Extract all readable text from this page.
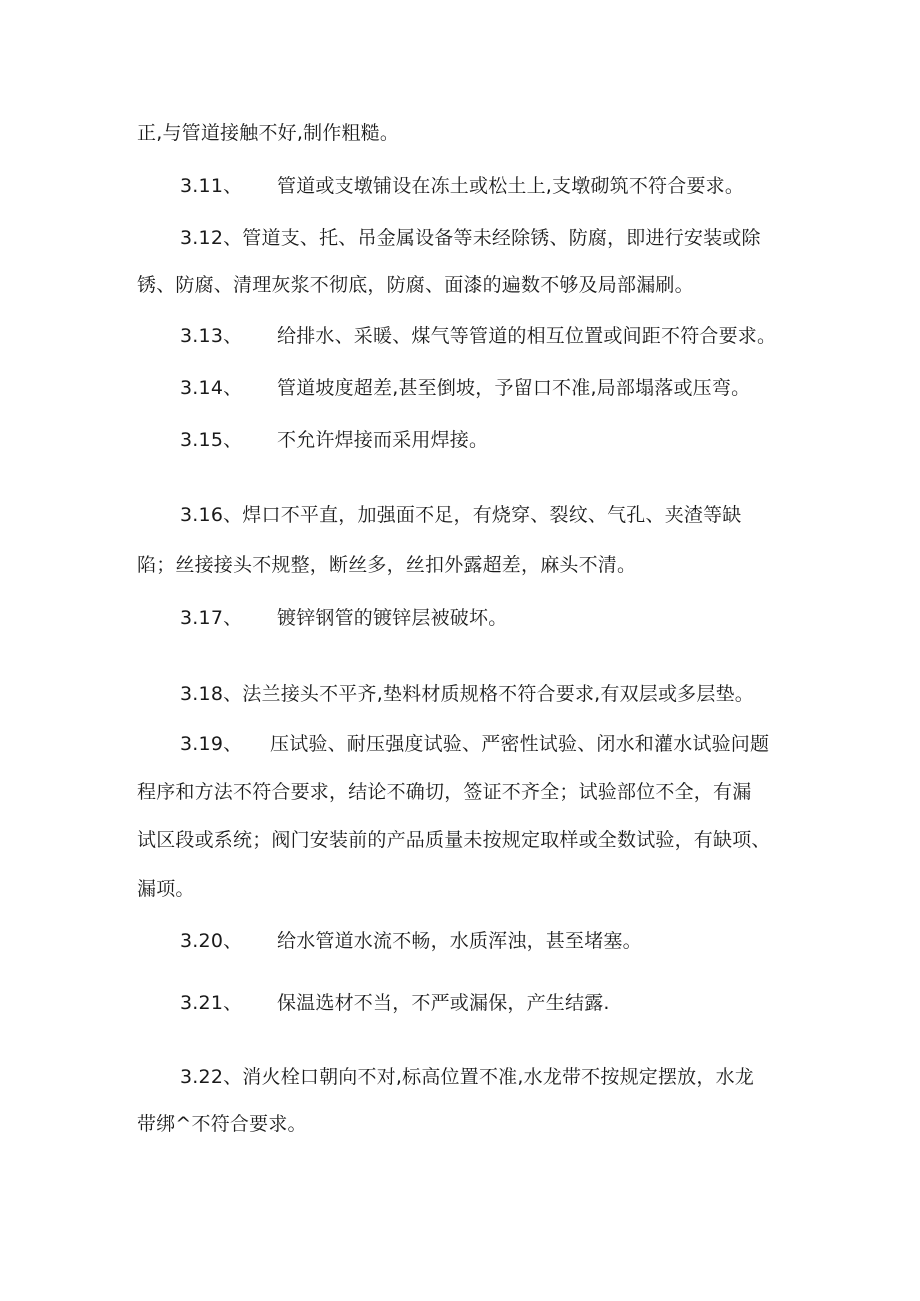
正,与管道接触不好,制作粗糙。
3.11、 管道或支墩铺设在冻土或松土上,支墩砌筑不符合要求。
3.12、管道支、托、吊金属设备等未经除锈、防腐，即进行安装或除
锈、防腐、清理灰浆不彻底，防腐、面漆的遍数不够及局部漏刷。
3.13、 给排水、采暖、煤气等管道的相互位置或间距不符合要求。
3.14、 管道坡度超差,甚至倒坡，予留口不准,局部塌落或压弯。
3.15、 不允许焊接而采用焊接。
3.16、焊口不平直，加强面不足，有烧穿、裂纹、气孔、夹渣等缺
陷；丝接接头不规整，断丝多，丝扣外露超差，麻头不清。
3.17、 镀锌钢管的镀锌层被破坏。
3.18、法兰接头不平齐,垫料材质规格不符合要求,有双层或多层垫。
3.19、 压试验、耐压强度试验、严密性试验、闭水和灌水试验问题
程序和方法不符合要求，结论不确切，签证不齐全；试验部位不全，有漏
试区段或系统；阀门安装前的产品质量未按规定取样或全数试验，有缺项、
漏项。
3.20、 给水管道水流不畅，水质浑浊，甚至堵塞。
3.21、 保温选材不当，不严或漏保，产生结露.
3.22、消火栓口朝向不对,标高位置不准,水龙带不按规定摆放，水龙
带绑^不符合要求。
